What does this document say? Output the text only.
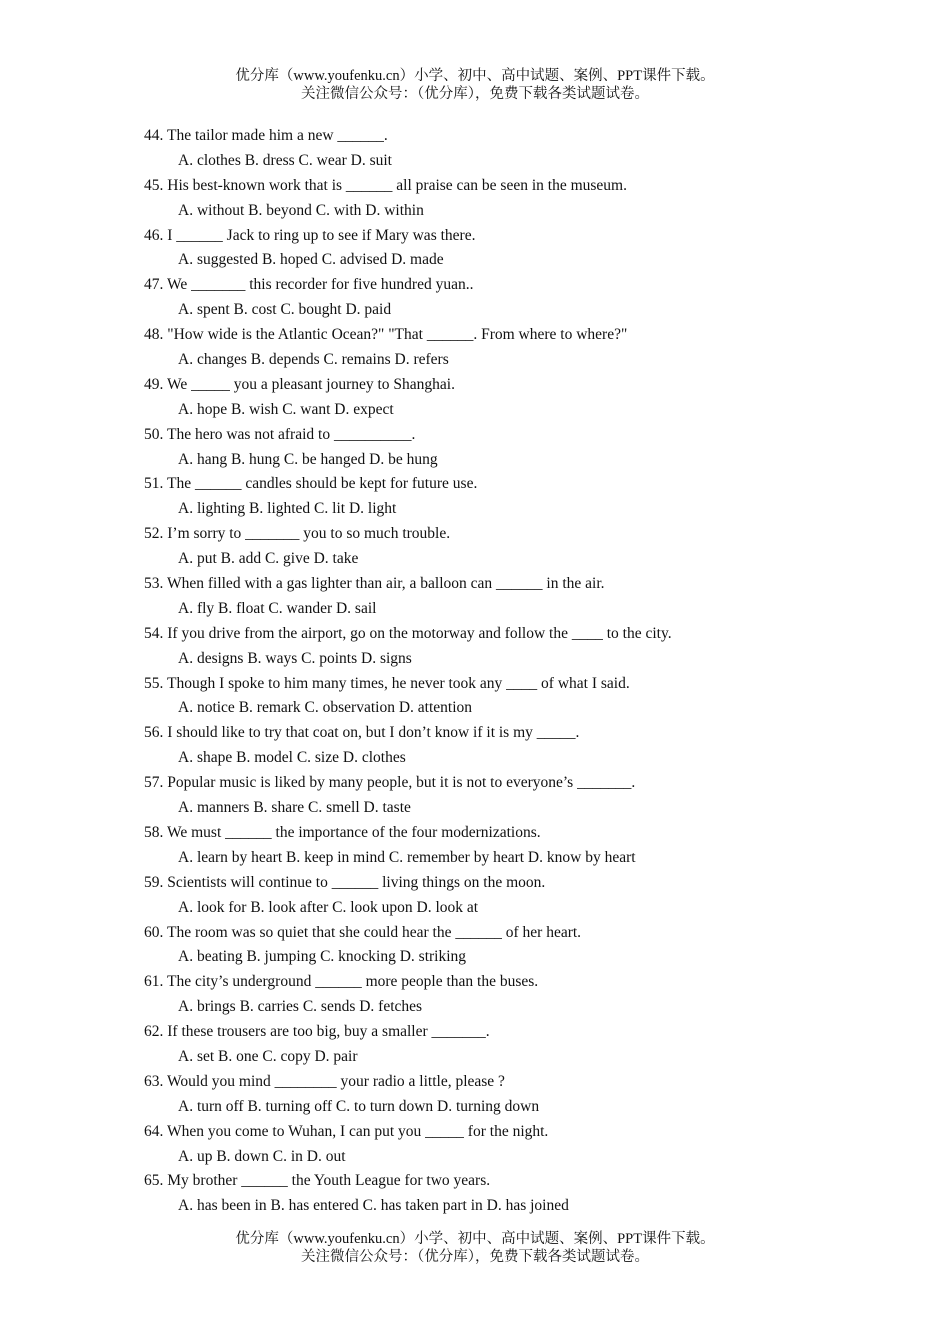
优分库（www.youfenku.cn）小学、初中、高中试题、案例、PPT课件下载。
关注微信公众号：（优分库），免费下载各类试题试卷。
44. The tailor made him a new ______.
A. clothes B. dress C. wear D. suit
45. His best-known work that is ______ all praise can be seen in the museum.
A. without B. beyond C. with D. within
46. I ______ Jack to ring up to see if Mary was there.
A. suggested B. hoped C. advised D. made
47. We _______ this recorder for five hundred yuan..
A. spent B. cost C. bought D. paid
48. "How wide is the Atlantic Ocean?" "That ______. From where to where?"
A. changes B. depends C. remains D. refers
49. We _____ you a pleasant journey to Shanghai.
A. hope B. wish C. want D. expect
50. The hero was not afraid to __________.
A. hang B. hung C. be hanged D. be hung
51. The ______ candles should be kept for future use.
A. lighting B. lighted C. lit D. light
52. I’m sorry to _______ you to so much trouble.
A. put B. add C. give D. take
53. When filled with a gas lighter than air, a balloon can ______ in the air.
A. fly B. float C. wander D. sail
54. If you drive from the airport, go on the motorway and follow the ____ to the city.
A. designs B. ways C. points D. signs
55. Though I spoke to him many times, he never took any ____ of what I said.
A. notice B. remark C. observation D. attention
56. I should like to try that coat on, but I don’t know if it is my _____.
A. shape B. model C. size D. clothes
57. Popular music is liked by many people, but it is not to everyone’s _______.
A. manners B. share C. smell D. taste
58. We must ______ the importance of the four modernizations.
A. learn by heart B. keep in mind C. remember by heart D. know by heart
59. Scientists will continue to ______ living things on the moon.
A. look for B. look after C. look upon D. look at
60. The room was so quiet that she could hear the ______ of her heart.
A. beating B. jumping C. knocking D. striking
61. The city’s underground ______ more people than the buses.
A. brings B. carries C. sends D. fetches
62. If these trousers are too big, buy a smaller _______.
A. set B. one C. copy D. pair
63. Would you mind ________ your radio a little, please ?
A. turn off B. turning off C. to turn down D. turning down
64. When you come to Wuhan, I can put you _____ for the night.
A. up B. down C. in D. out
65. My brother ______ the Youth League for two years.
A. has been in B. has entered C. has taken part in D. has joined
优分库（www.youfenku.cn）小学、初中、高中试题、案例、PPT课件下载。
关注微信公众号：（优分库），免费下载各类试题试卷。
